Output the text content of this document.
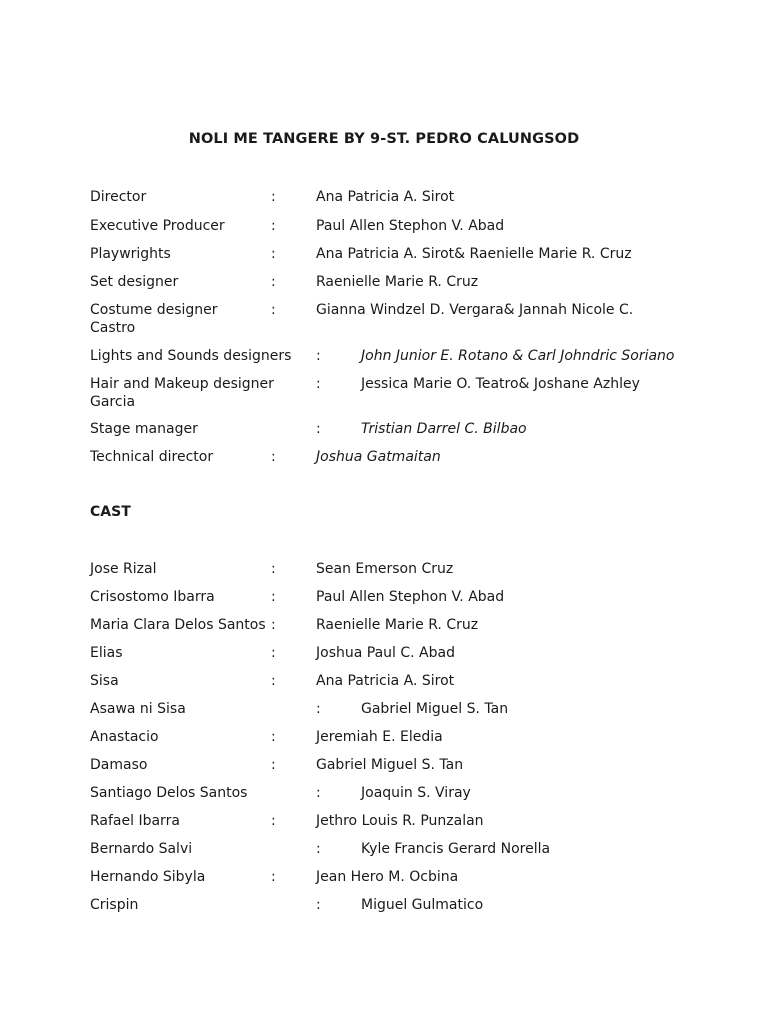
NOLI ME TANGERE BY 9-ST. PEDRO CALUNGSOD
Director	:	Ana Patricia A. Sirot
Executive Producer	:	Paul Allen Stephon V. Abad
Playwrights	:	Ana Patricia A. Sirot& Raenielle Marie R. Cruz
Set designer	:	Raenielle Marie R. Cruz
Costume designer	:	Gianna Windzel D. Vergara& Jannah Nicole C.
Castro
Lights and Sounds designers :	John Junior E. Rotano & Carl Johndric Soriano
Hair and Makeup designer	:	Jessica Marie O. Teatro& Joshane Azhley
Garcia
Stage manager	:	Tristian Darrel C. Bilbao
Technical director	:	Joshua Gatmaitan
CAST
Jose Rizal	:	Sean Emerson Cruz
Crisostomo Ibarra	:	Paul Allen Stephon V. Abad
Maria Clara Delos Santos :	Raenielle Marie R. Cruz
Elias	:	Joshua Paul C. Abad
Sisa	:	Ana Patricia A. Sirot
Asawa ni Sisa	:	Gabriel Miguel S. Tan
Anastacio	:	Jeremiah E. Eledia
Damaso	:	Gabriel Miguel S. Tan
Santiago Delos Santos	:	Joaquin S. Viray
Rafael Ibarra	:	Jethro Louis R. Punzalan
Bernardo Salvi	:	Kyle Francis Gerard Norella
Hernando Sibyla	:	Jean Hero M. Ocbina
Crispin	:	Miguel Gulmatico
